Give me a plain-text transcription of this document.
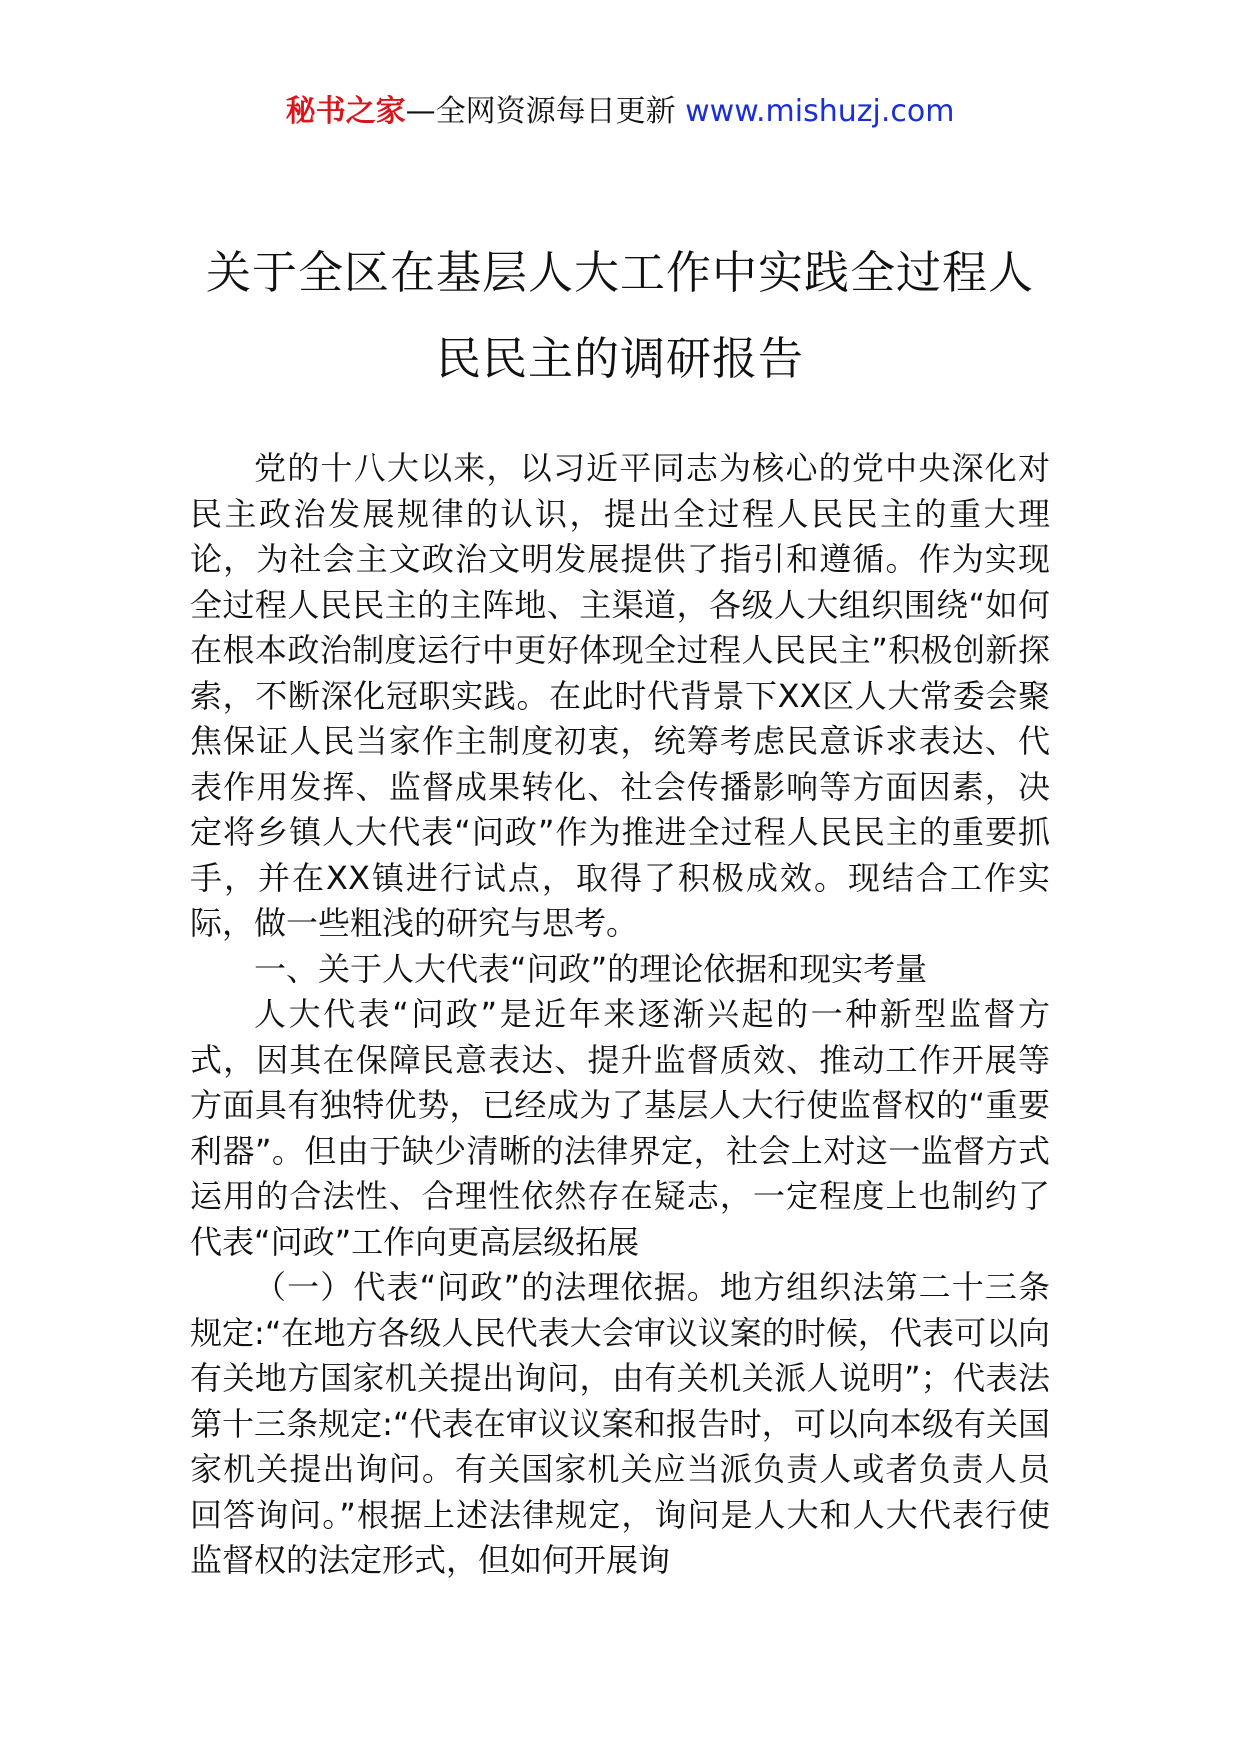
秘书之家—全网资源每日更新 www.mishuzj.com
关于全区在基层人大工作中实践全过程人
民民主的调研报告

党的十八大以来，以习近平同志为核心的党中央深化对民主政治发展规律的认识，提出全过程人民民主的重大理论，为社会主文政治文明发展提供了指引和遵循。作为实现全过程人民民主的主阵地、主渠道，各级人大组织围绕“如何在根本政治制度运行中更好体现全过程人民民主”积极创新探索，不断深化冠职实践。在此时代背景下XX区人大常委会聚焦保证人民当家作主制度初衷，统筹考虑民意诉求表达、代表作用发挥、监督成果转化、社会传播影响等方面因素，决定将乡镇人大代表“问政”作为推进全过程人民民主的重要抓手，并在XX镇进行试点，取得了积极成效。现结合工作实际，做一些粗浅的研究与思考。

一、关于人大代表“问政”的理论依据和现实考量

人大代表“问政”是近年来逐渐兴起的一种新型监督方式，因其在保障民意表达、提升监督质效、推动工作开展等方面具有独特优势，已经成为了基层人大行使监督权的“重要利器”。但由于缺少清晰的法律界定，社会上对这一监督方式运用的合法性、合理性依然存在疑志，一定程度上也制约了代表“问政”工作向更高层级拓展

（一）代表“问政”的法理依据。地方组织法第二十三条规定:“在地方各级人民代表大会审议议案的时候，代表可以向有关地方国家机关提出询问，由有关机关派人说明”；代表法第十三条规定:“代表在审议议案和报告时，可以向本级有关国家机关提出询问。有关国家机关应当派负责人或者负责人员回答询问。”根据上述法律规定，询问是人大和人大代表行使监督权的法定形式，但如何开展询
